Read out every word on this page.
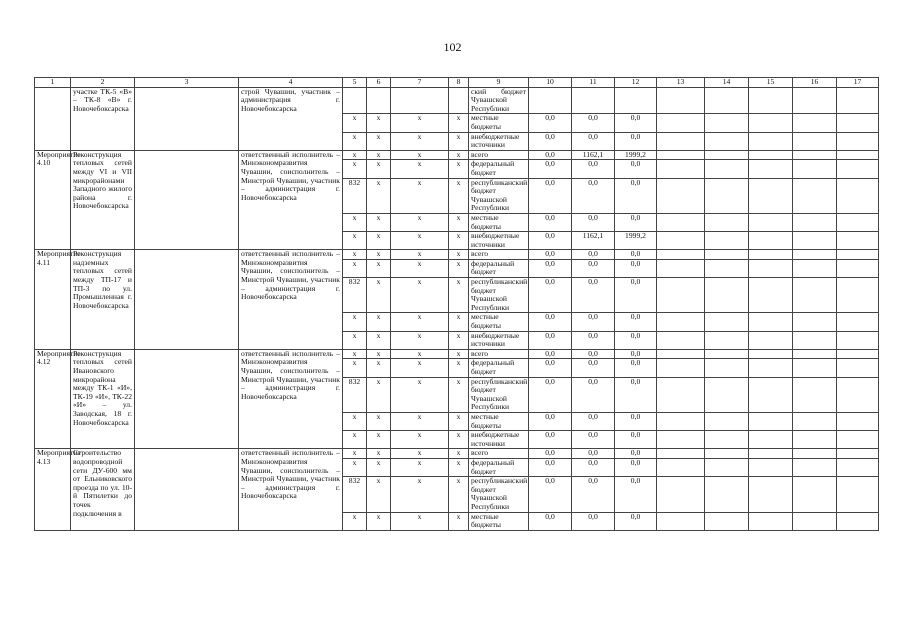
102
1	2	3	4	5	6	7	8	9	10	11	12	13	14	15	16	17
	участке ТК-5 «В» – ТК-8 «В» г. Новочебоксарска		строй Чувашии, участник – администрация г. Новочебоксарска					ский бюджет Чувашской Республики								
				x	x	x	x	местные бюджеты	0,0	0,0	0,0					
				x	x	x	x	внебюджетные источники	0,0	0,0	0,0					
Мероприятие 4.10	Реконструкция тепловых сетей между VI и VII микрорайонами Западного жилого района г. Новочебоксарска		ответственный исполнитель – Минэкономразвития Чувашии, соисполнитель – Минстрой Чувашии, участник – администрация г. Новочебоксарска	x	x	x	x	всего	0,0	1162,1	1999,2					
				x	x	x	x	федеральный бюджет	0,0	0,0	0,0					
				832	x	x	x	республиканский бюджет Чувашской Республики	0,0	0,0	0,0					
				x	x	x	x	местные бюджеты	0,0	0,0	0,0					
				x	x	x	x	внебюджетные источники	0,0	1162,1	1999,2					
Мероприятие 4.11	Реконструкция надземных тепловых сетей между ТП-17 и ТП-3 по ул. Промышленная г. Новочебоксарска		ответственный исполнитель – Минэкономразвития Чувашии, соисполнитель – Минстрой Чувашии, участник – администрация г. Новочебоксарска	x	x	x	x	всего	0,0	0,0	0,0					
				x	x	x	x	федеральный бюджет	0,0	0,0	0,0					
				832	x	x	x	республиканский бюджет Чувашской Республики	0,0	0,0	0,0					
				x	x	x	x	местные бюджеты	0,0	0,0	0,0					
				x	x	x	x	внебюджетные источники	0,0	0,0	0,0					
Мероприятие 4.12	Реконструкция тепловых сетей Ивановского микрорайона между ТК-1 «И», ТК-19 «И», ТК-22 «И» – ул. Заводская, 18 г. Новочебоксарска		ответственный исполнитель – Минэкономразвития Чувашии, соисполнитель – Минстрой Чувашии, участник – администрация г. Новочебоксарска	x	x	x	x	всего	0,0	0,0	0,0					
				x	x	x	x	федеральный бюджет	0,0	0,0	0,0					
				832	x	x	x	республиканский бюджет Чувашской Республики	0,0	0,0	0,0					
				x	x	x	x	местные бюджеты	0,0	0,0	0,0					
				x	x	x	x	внебюджетные источники	0,0	0,0	0,0					
Мероприятие 4.13	Строительство водопроводной сети ДУ-600 мм от Ельниковского проезда по ул. 10-й Пятилетки до точек подключения в		ответственный исполнитель – Минэкономразвития Чувашии, соисполнитель – Минстрой Чувашии, участник – администрация г. Новочебоксарска	x	x	x	x	всего	0,0	0,0	0,0					
				x	x	x	x	федеральный бюджет	0,0	0,0	0,0					
				832	x	x	x	республиканский бюджет Чувашской Республики	0,0	0,0	0,0					
				x	x	x	x	местные бюджеты	0,0	0,0	0,0					
